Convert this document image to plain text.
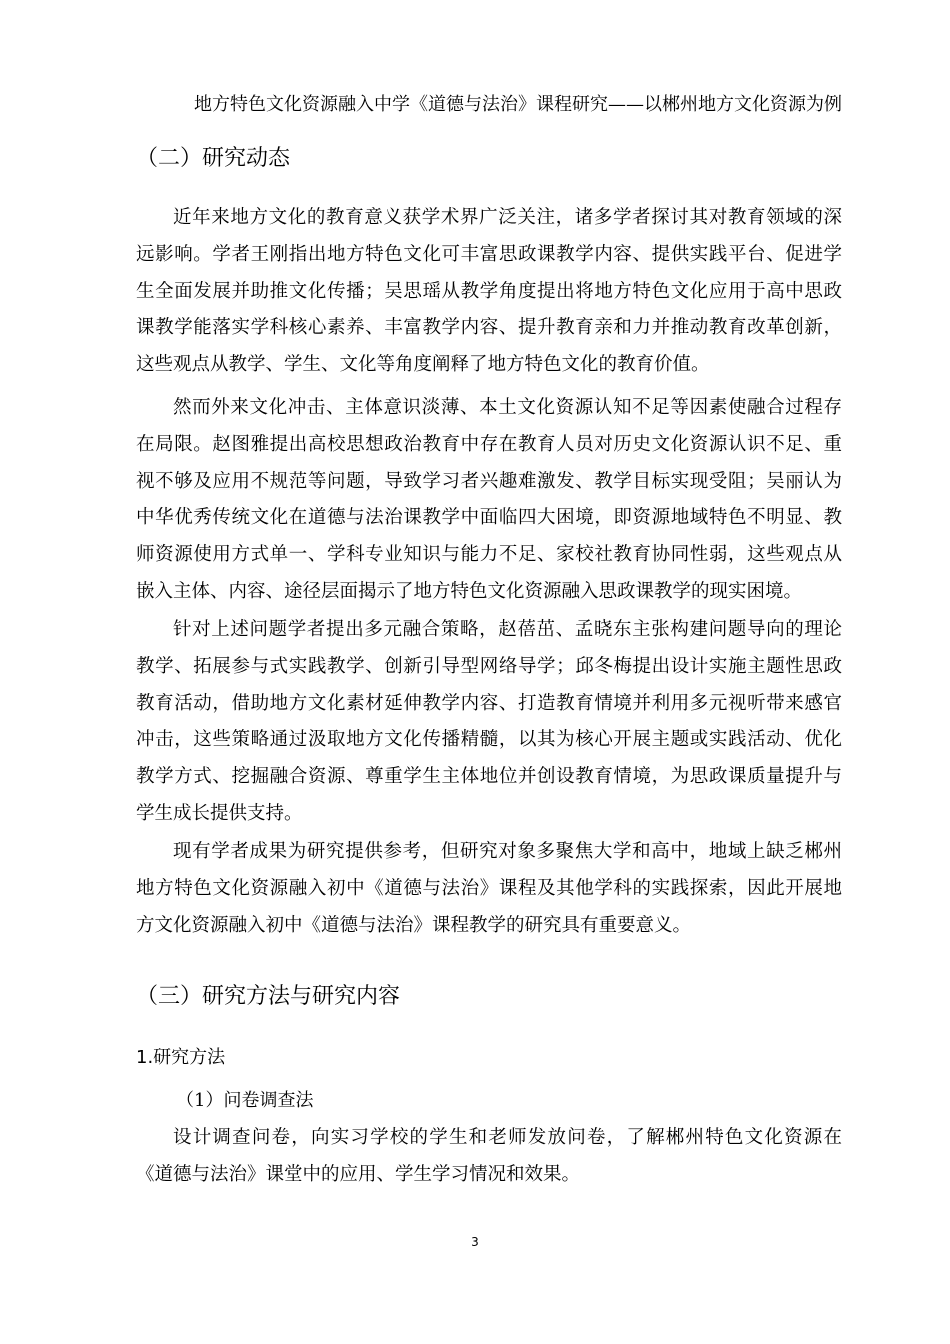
地方特色文化资源融入中学《道德与法治》课程研究——以郴州地方文化资源为例
（二）研究动态
近年来地方文化的教育意义获学术界广泛关注，诸多学者探讨其对教育领域的深
远影响。学者王刚指出地方特色文化可丰富思政课教学内容、提供实践平台、促进学
生全面发展并助推文化传播；吴思瑶从教学角度提出将地方特色文化应用于高中思政
课教学能落实学科核心素养、丰富教学内容、提升教育亲和力并推动教育改革创新，
这些观点从教学、学生、文化等角度阐释了地方特色文化的教育价值。
然而外来文化冲击、主体意识淡薄、本土文化资源认知不足等因素使融合过程存
在局限。赵图雅提出高校思想政治教育中存在教育人员对历史文化资源认识不足、重
视不够及应用不规范等问题，导致学习者兴趣难激发、教学目标实现受阻；吴丽认为
中华优秀传统文化在道德与法治课教学中面临四大困境，即资源地域特色不明显、教
师资源使用方式单一、学科专业知识与能力不足、家校社教育协同性弱，这些观点从
嵌入主体、内容、途径层面揭示了地方特色文化资源融入思政课教学的现实困境。
针对上述问题学者提出多元融合策略，赵蓓茁、孟晓东主张构建问题导向的理论
教学、拓展参与式实践教学、创新引导型网络导学；邱冬梅提出设计实施主题性思政
教育活动，借助地方文化素材延伸教学内容、打造教育情境并利用多元视听带来感官
冲击，这些策略通过汲取地方文化传播精髓，以其为核心开展主题或实践活动、优化
教学方式、挖掘融合资源、尊重学生主体地位并创设教育情境，为思政课质量提升与
学生成长提供支持。
现有学者成果为研究提供参考，但研究对象多聚焦大学和高中，地域上缺乏郴州
地方特色文化资源融入初中《道德与法治》课程及其他学科的实践探索，因此开展地
方文化资源融入初中《道德与法治》课程教学的研究具有重要意义。
（三）研究方法与研究内容
1.研究方法
（1）问卷调查法
设计调查问卷，向实习学校的学生和老师发放问卷，了解郴州特色文化资源在
《道德与法治》课堂中的应用、学生学习情况和效果。
3
